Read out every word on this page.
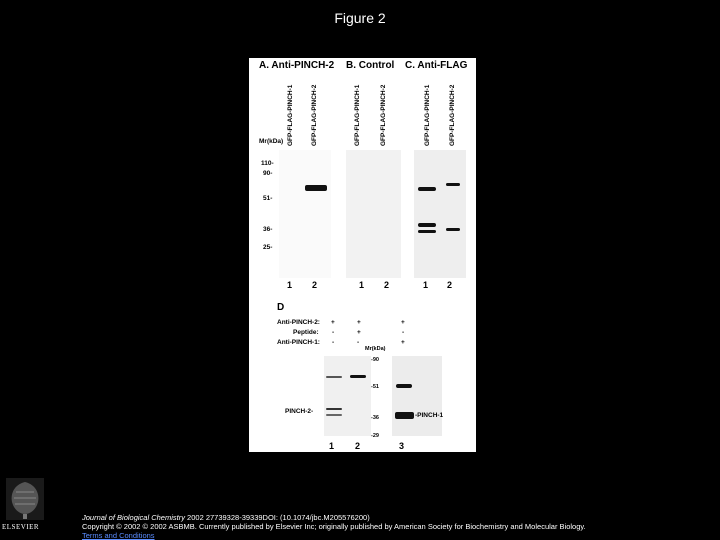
Figure 2
A. Anti-PINCH-2 B. Control C. Anti-FLAG
GFP-FLAG-PINCH-1	GFP-FLAG-PINCH-2	GFP-FLAG-PINCH-1	GFP-FLAG-PINCH-2	GFP-FLAG-PINCH-1	GFP-FLAG-PINCH-2
Mr(kDa)
110-
90-
51-
36-
25-
1 2	1 2	1 2
D
Anti-PINCH-2: +	+	+
Peptide: -	+	-
Anti-PINCH-1: -	-	+
Mr(kDa)
-90
-51
-36
-29
PINCH-2-
-PINCH-1
1 2	3
ELSEVIER
Journal of Biological Chemistry 2002 27739328-39339DOI: (10.1074/jbc.M205576200)
Copyright © 2002 © 2002 ASBMB. Currently published by Elsevier Inc; originally published by American Society for Biochemistry and Molecular Biology. Terms and Conditions
